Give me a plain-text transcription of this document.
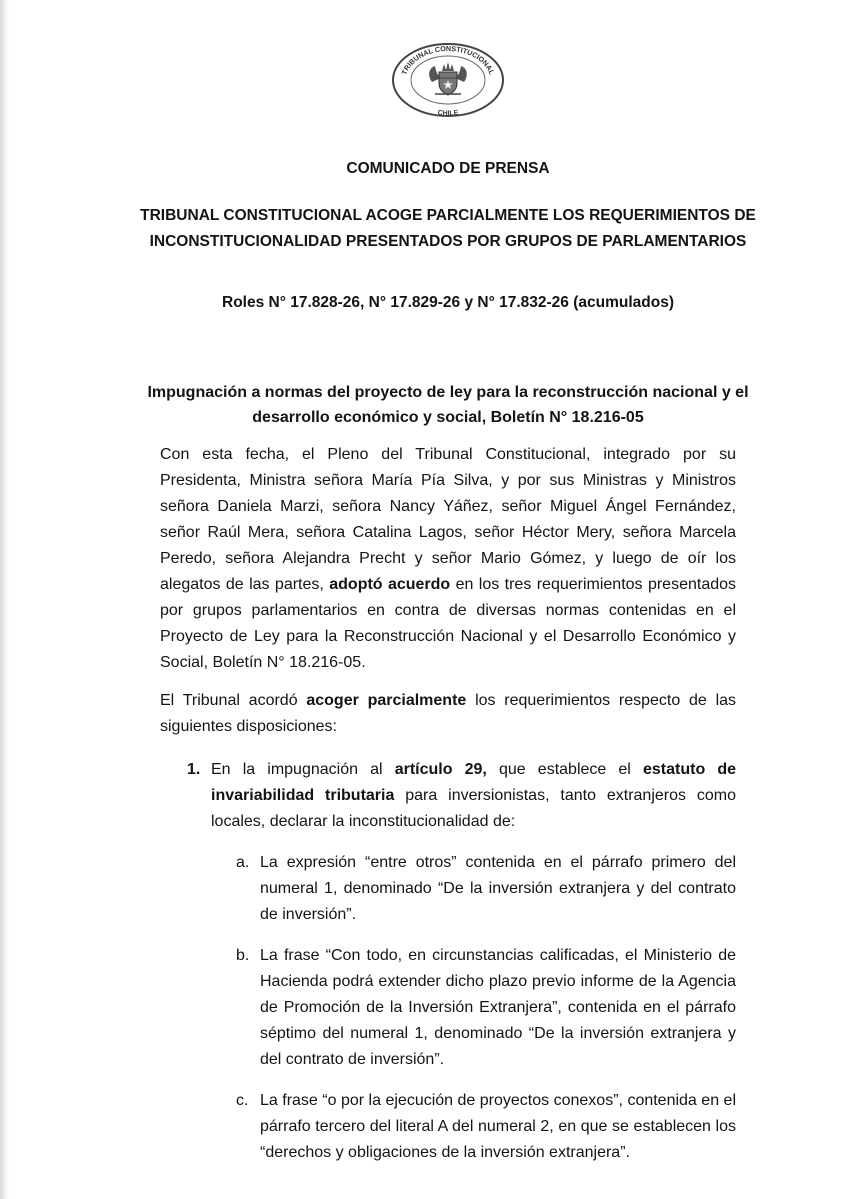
TRIBUNAL CONSTITUCIONAL
CHILE
COMUNICADO DE PRENSA
TRIBUNAL CONSTITUCIONAL ACOGE PARCIALMENTE LOS REQUERIMIENTOS DE INCONSTITUCIONALIDAD PRESENTADOS POR GRUPOS DE PARLAMENTARIOS
Roles N° 17.828-26, N° 17.829-26 y N° 17.832-26 (acumulados)
Impugnación a normas del proyecto de ley para la reconstrucción nacional y el desarrollo económico y social, Boletín N° 18.216-05

Con esta fecha, el Pleno del Tribunal Constitucional, integrado por su Presidenta, Ministra señora María Pía Silva, y por sus Ministras y Ministros señora Daniela Marzi, señora Nancy Yáñez, señor Miguel Ángel Fernández, señor Raúl Mera, señora Catalina Lagos, señor Héctor Mery, señora Marcela Peredo, señora Alejandra Precht y señor Mario Gómez, y luego de oír los alegatos de las partes, adoptó acuerdo en los tres requerimientos presentados por grupos parlamentarios en contra de diversas normas contenidas en el Proyecto de Ley para la Reconstrucción Nacional y el Desarrollo Económico y Social, Boletín N° 18.216-05.

El Tribunal acordó acoger parcialmente los requerimientos respecto de las siguientes disposiciones:

1. En la impugnación al artículo 29, que establece el estatuto de invariabilidad tributaria para inversionistas, tanto extranjeros como locales, declarar la inconstitucionalidad de:
a. La expresión “entre otros” contenida en el párrafo primero del numeral 1, denominado “De la inversión extranjera y del contrato de inversión”.
b. La frase “Con todo, en circunstancias calificadas, el Ministerio de Hacienda podrá extender dicho plazo previo informe de la Agencia de Promoción de la Inversión Extranjera”, contenida en el párrafo séptimo del numeral 1, denominado “De la inversión extranjera y del contrato de inversión”.
c. La frase “o por la ejecución de proyectos conexos”, contenida en el párrafo tercero del literal A del numeral 2, en que se establecen los “derechos y obligaciones de la inversión extranjera”.
